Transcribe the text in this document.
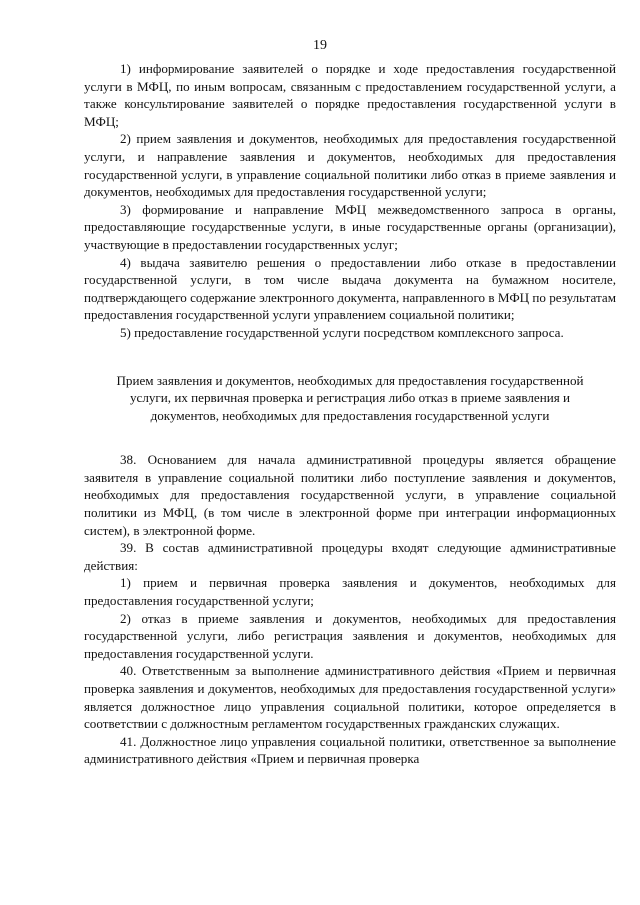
19

1) информирование заявителей о порядке и ходе предоставления государственной услуги в МФЦ, по иным вопросам, связанным с предоставлением государственной услуги, а также консультирование заявителей о порядке предоставления государственной услуги в МФЦ;

2) прием заявления и документов, необходимых для предоставления государственной услуги, и направление заявления и документов, необходимых для предоставления государственной услуги, в управление социальной политики либо отказ в приеме заявления и документов, необходимых для предоставления государственной услуги;

3) формирование и направление МФЦ межведомственного запроса в органы, предоставляющие государственные услуги, в иные государственные органы (организации), участвующие в предоставлении государственных услуг;

4) выдача заявителю решения о предоставлении либо отказе в предоставлении государственной услуги, в том числе выдача документа на бумажном носителе, подтверждающего содержание электронного документа, направленного в МФЦ по результатам предоставления государственной услуги управлением социальной политики;

5) предоставление государственной услуги посредством комплексного запроса.

Прием заявления и документов, необходимых для предоставления государственной услуги, их первичная проверка и регистрация либо отказ в приеме заявления и документов, необходимых для предоставления государственной услуги

38. Основанием для начала административной процедуры является обращение заявителя в управление социальной политики либо поступление заявления и документов, необходимых для предоставления государственной услуги, в управление социальной политики из МФЦ, (в том числе в электронной форме при интеграции информационных систем), в электронной форме.

39. В состав административной процедуры входят следующие административные действия:

1) прием и первичная проверка заявления и документов, необходимых для предоставления государственной услуги;

2) отказ в приеме заявления и документов, необходимых для предоставления государственной услуги, либо регистрация заявления и документов, необходимых для предоставления государственной услуги.

40. Ответственным за выполнение административного действия «Прием и первичная проверка заявления и документов, необходимых для предоставления государственной услуги» является должностное лицо управления социальной политики, которое определяется в соответствии с должностным регламентом государственных гражданских служащих.

41. Должностное лицо управления социальной политики, ответственное за выполнение административного действия «Прием и первичная проверка
